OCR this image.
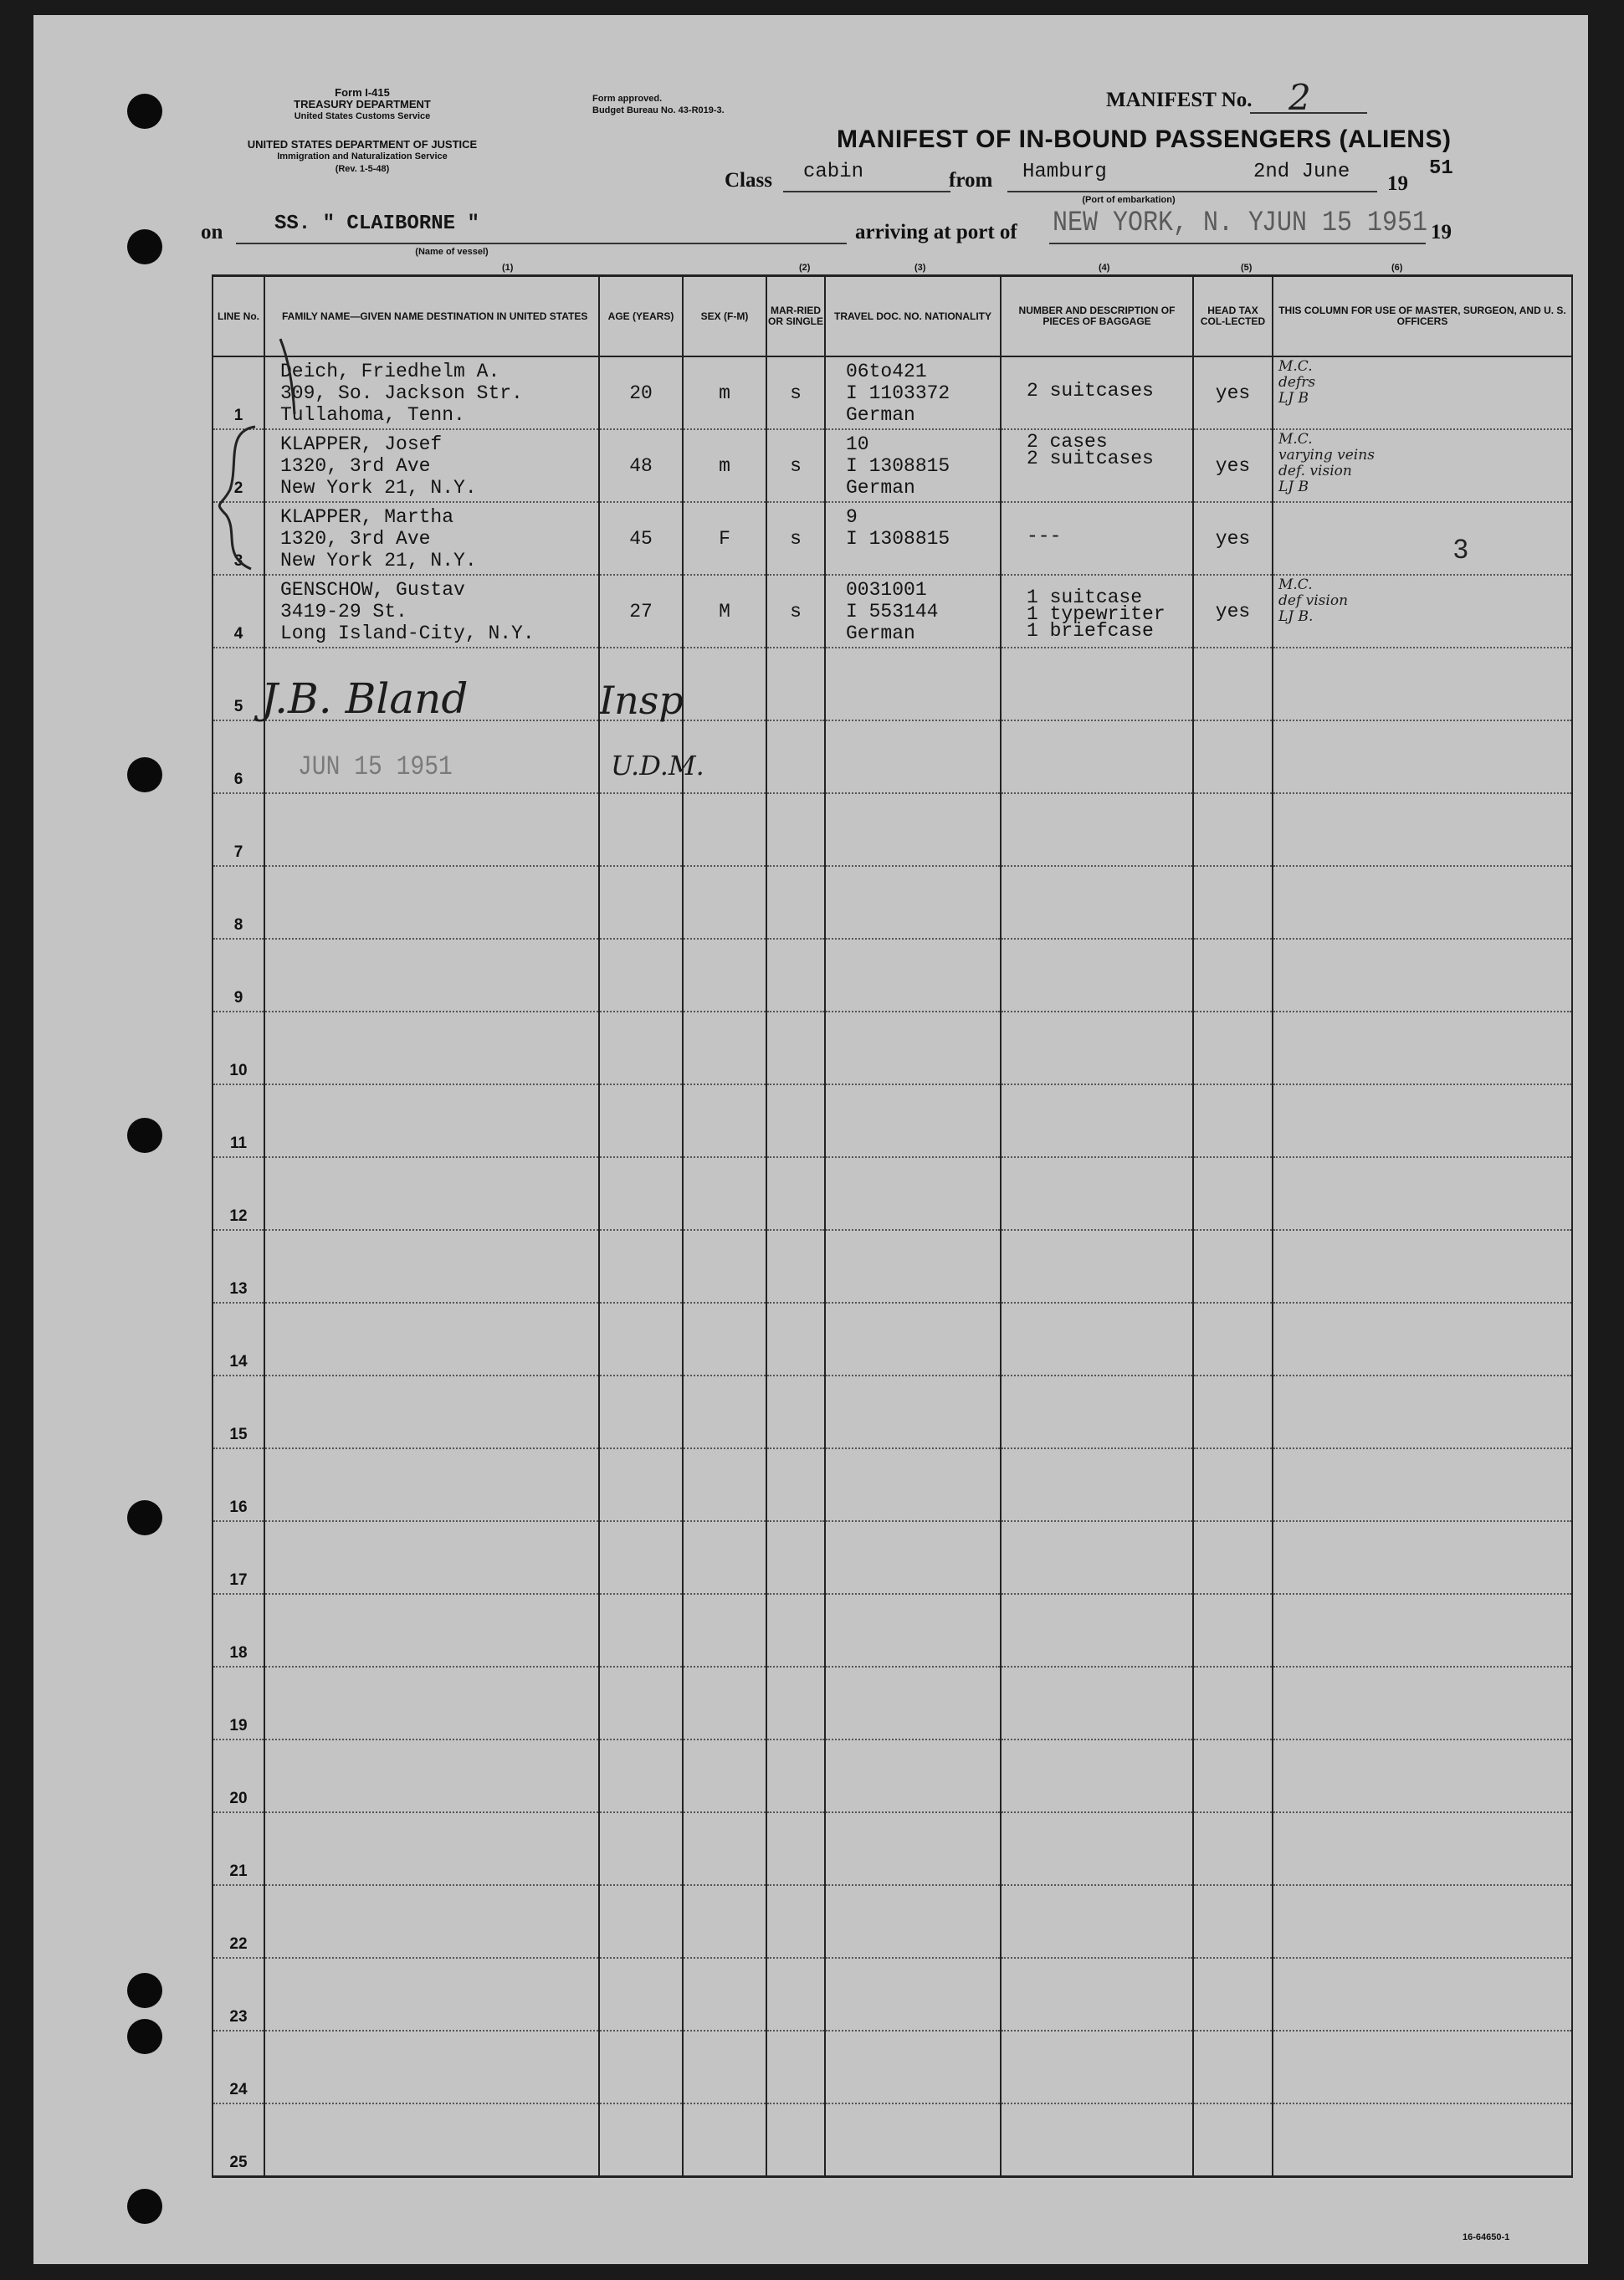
Form I-415
TREASURY DEPARTMENT
United States Customs Service
UNITED STATES DEPARTMENT OF JUSTICE
Immigration and Naturalization Service
(Rev. 1-5-48)
Form approved.
Budget Bureau No. 43-R019-3.	MANIFEST No. 2
MANIFEST OF IN-BOUND PASSENGERS (ALIENS)
Class cabin	from Hamburg
(Port of embarkation)
2nd June
19
51
on	SS. " CLAIBORNE "
(Name of vessel)
arriving at port of NEW YORK, N. Y
JUN 15 1951 19
(1)	(2)	(3)	(4)	(5)	(6)
LINE No.	FAMILY NAME—GIVEN NAME DESTINATION IN UNITED STATES	AGE (YEARS)	SEX (F-M)	MAR-RIED OR SINGLE	TRAVEL DOC. NO. NATIONALITY	NUMBER AND DESCRIPTION OF PIECES OF BAGGAGE	HEAD TAX COL-LECTED	THIS COLUMN FOR USE OF MASTER, SURGEON, AND U. S. OFFICERS

1	Deich, Friedhelm A.
309, So. Jackson Str.
Tullahoma, Tenn.	20	m	s	06to421
I 1103372
German	2 suitcases	yes	M.C.
defrs
LJ B

2	KLAPPER, Josef
1320, 3rd Ave
New York 21, N.Y.	48	m	s	10
I 1308815
German	2 cases
2 suitcases	yes	M.C.
varying veins
def. vision
LJ B

3	KLAPPER, Martha
1320, 3rd Ave
New York 21, N.Y.	45	F	s	9
I 1308815	---	yes	

4	GENSCHOW, Gustav
3419-29 St.
Long Island-City, N.Y.	27	M	s	0031001
I 553144
German	1 suitcase
1 typewriter
1 briefcase	yes	M.C.
def vision
LJ B.

5								

6								

7								

8								

9								

10								

11								

12								

13								

14								

15								

16								

17								

18								

19								

20								

21								

22								

23								

24								

25								

3
J.B. Bland	Insp
U.D.M.
JUN 15 1951
16-64650-1
